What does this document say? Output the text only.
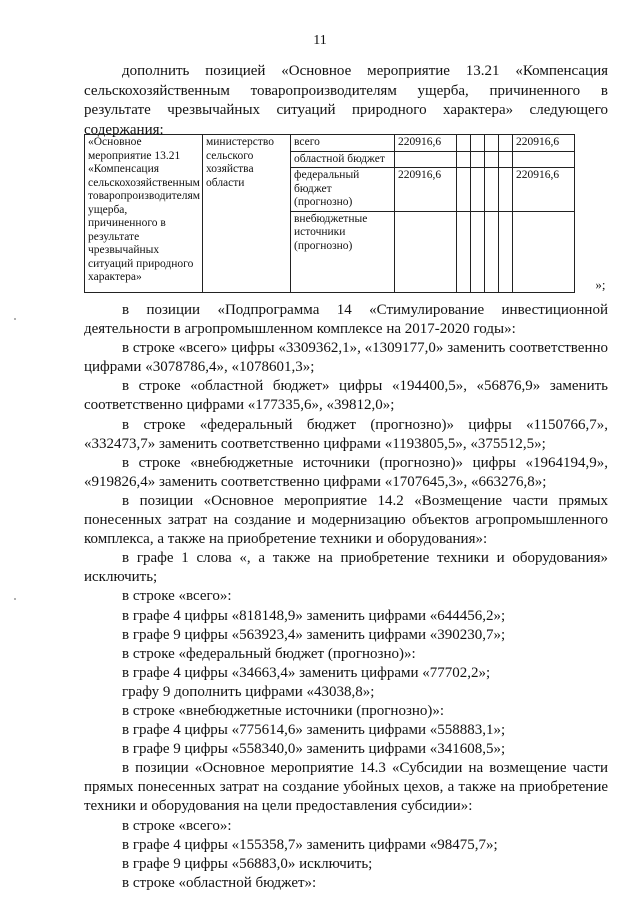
11

дополнить позицией «Основное мероприятие 13.21 «Компенсация сельскохозяйственным товаропроизводителям ущерба, причиненного в результате чрезвычайных ситуаций природного характера» следующего содержания:

«Основное мероприятие 13.21 «Компенсация сельскохозяйственным товаропроизводителям ущерба, причиненного в результате чрезвычайных ситуаций природного характера»	министерство сельского хозяйства области	всего	220916,6					220916,6	»;
		областной бюджет							
		федеральный бюджет (прогнозно)	220916,6					220916,6	
		внебюджетные источники (прогнозно)							

в позиции «Подпрограмма 14 «Стимулирование инвестиционной деятельности в агропромышленном комплексе на 2017-2020 годы»:

в строке «всего» цифры «3309362,1», «1309177,0» заменить соответственно цифрами «3078786,4», «1078601,3»;

в строке «областной бюджет» цифры «194400,5», «56876,9» заменить соответственно цифрами «177335,6», «39812,0»;

в строке «федеральный бюджет (прогнозно)» цифры «1150766,7», «332473,7» заменить соответственно цифрами «1193805,5», «375512,5»;

в строке «внебюджетные источники (прогнозно)» цифры «1964194,9», «919826,4» заменить соответственно цифрами «1707645,3», «663276,8»;

в позиции «Основное мероприятие 14.2 «Возмещение части прямых понесенных затрат на создание и модернизацию объектов агропромышленного комплекса, а также на приобретение техники и оборудования»:

в графе 1 слова «, а также на приобретение техники и оборудования» исключить;

в строке «всего»:

в графе 4 цифры «818148,9» заменить цифрами «644456,2»;

в графе 9 цифры «563923,4» заменить цифрами «390230,7»;

в строке «федеральный бюджет (прогнозно)»:

в графе 4 цифры «34663,4» заменить цифрами «77702,2»;

графу 9 дополнить цифрами «43038,8»;

в строке «внебюджетные источники (прогнозно)»:

в графе 4 цифры «775614,6» заменить цифрами «558883,1»;

в графе 9 цифры «558340,0» заменить цифрами «341608,5»;

в позиции «Основное мероприятие 14.3 «Субсидии на возмещение части прямых понесенных затрат на создание убойных цехов, а также на приобретение техники и оборудования на цели предоставления субсидии»:

в строке «всего»:

в графе 4 цифры «155358,7» заменить цифрами «98475,7»;

в графе 9 цифры «56883,0» исключить;

в строке «областной бюджет»:
